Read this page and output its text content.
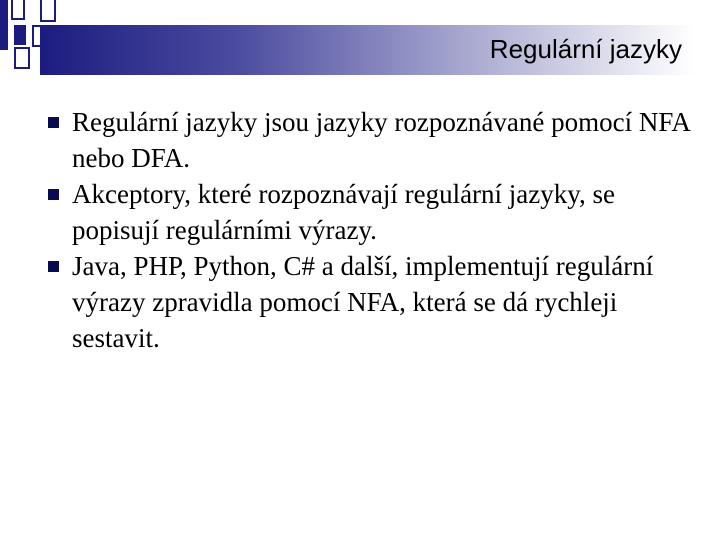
Regulární jazyky
Regulární jazyky jsou jazyky rozpoznávané pomocí NFA nebo DFA.
Akceptory, které rozpoznávají regulární jazyky, se popisují regulárními výrazy.
Java, PHP, Python, C# a další, implementují regulární výrazy zpravidla pomocí NFA, která se dá rychleji sestavit.
